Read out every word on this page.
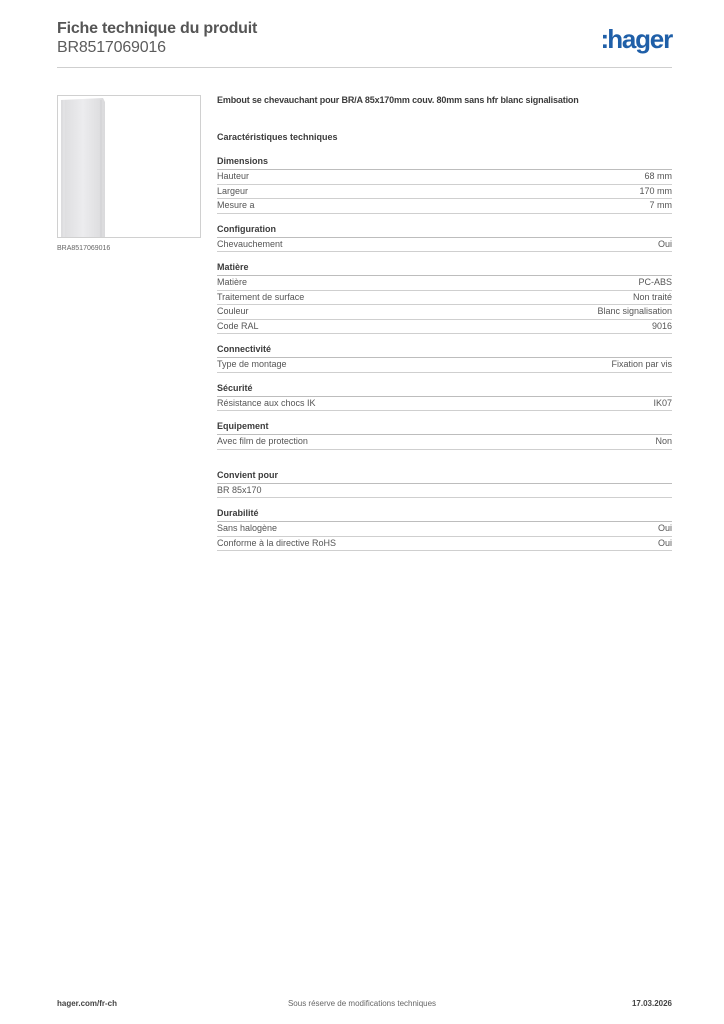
Fiche technique du produit
BR8517069016	:hager
BRA8517069016
Embout se chevauchant pour BR/A 85x170mm couv. 80mm sans hfr blanc signalisation
Caractéristiques techniques
Dimensions
Hauteur	68 mm
Largeur	170 mm
Mesure a	7 mm
Configuration
Chevauchement	Oui
Matière
Matière	PC-ABS
Traitement de surface	Non traité
Couleur	Blanc signalisation
Code RAL	9016
Connectivité
Type de montage	Fixation par vis
Sécurité
Résistance aux chocs IK	IK07
Equipement
Avec film de protection	Non
Convient pour
BR 85x170
Durabilité
Sans halogène	Oui
Conforme à la directive RoHS	Oui
hager.com/fr-ch	Sous réserve de modifications techniques	17.03.2026
